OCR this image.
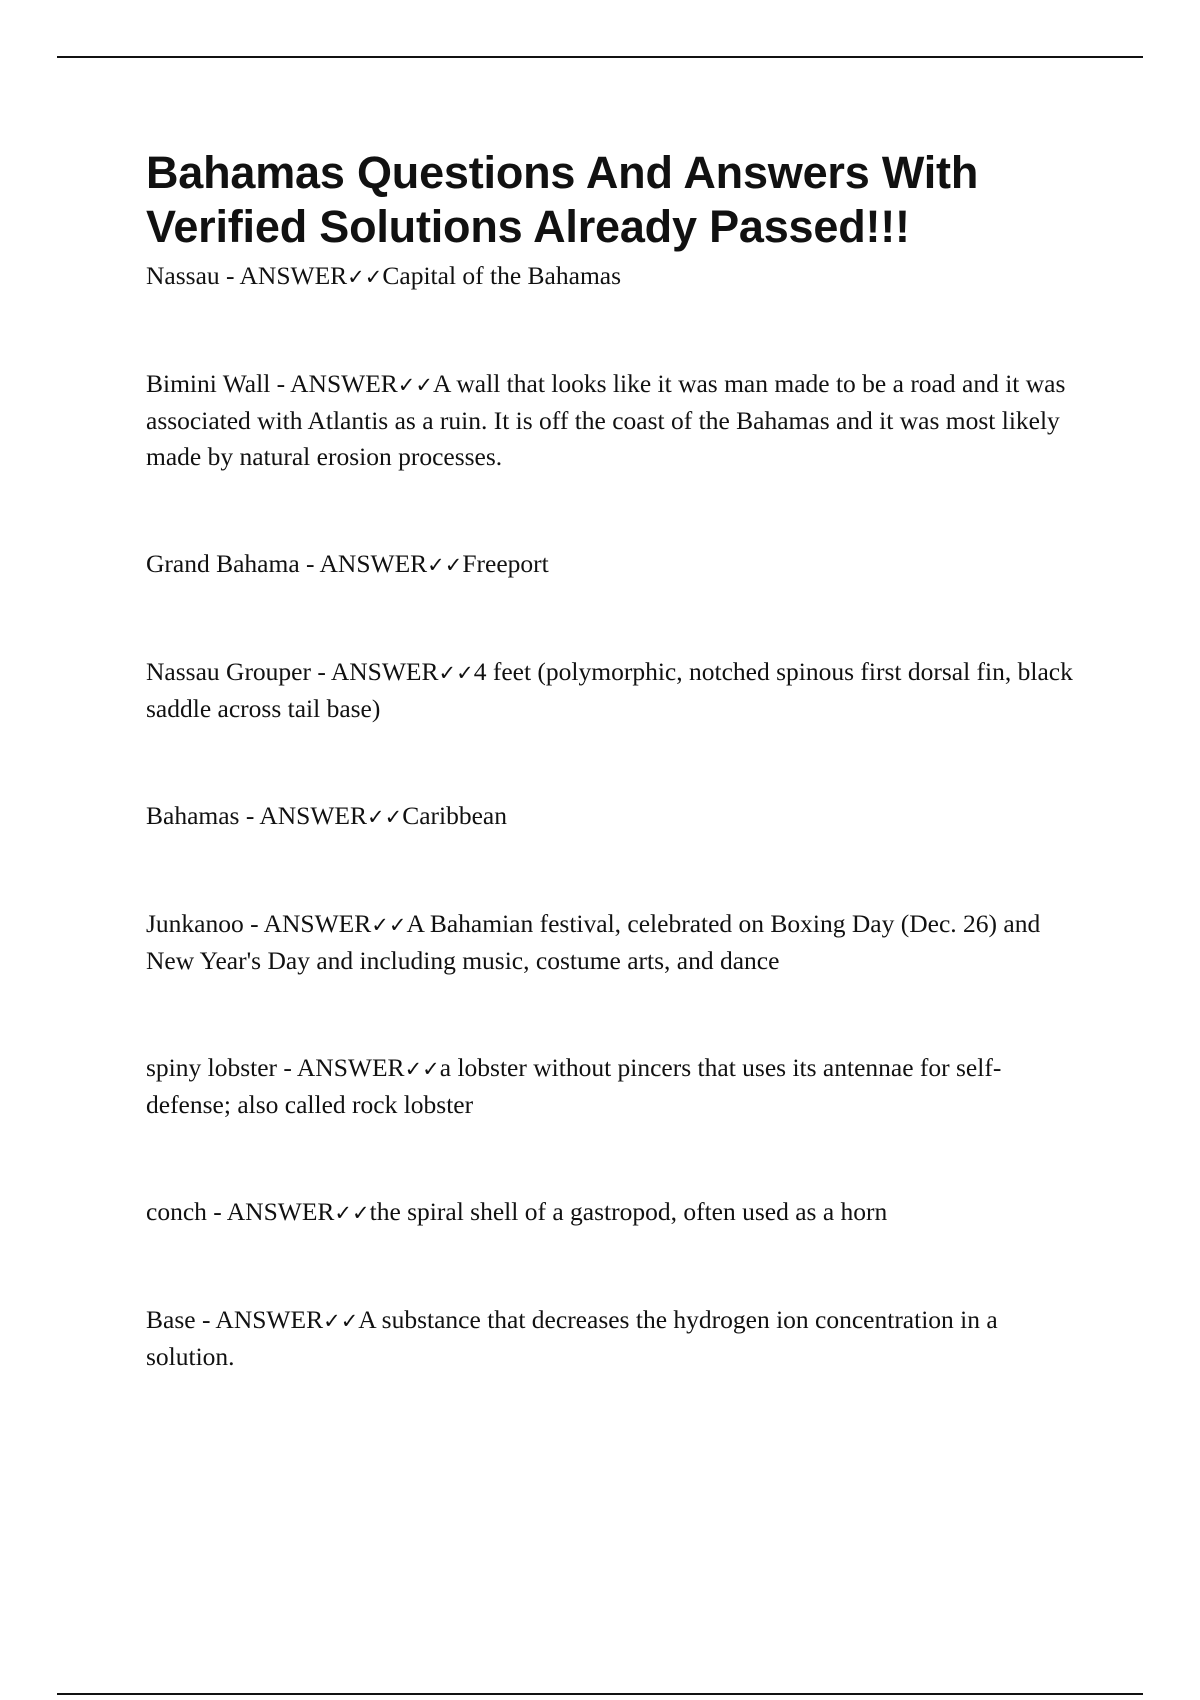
Bahamas Questions And Answers With Verified Solutions Already Passed!!!
Nassau - ANSWER✓✓Capital of the Bahamas
Bimini Wall - ANSWER✓✓A wall that looks like it was man made to be a road and it was associated with Atlantis as a ruin. It is off the coast of the Bahamas and it was most likely made by natural erosion processes.
Grand Bahama - ANSWER✓✓Freeport
Nassau Grouper - ANSWER✓✓4 feet (polymorphic, notched spinous first dorsal fin, black saddle across tail base)
Bahamas - ANSWER✓✓Caribbean
Junkanoo - ANSWER✓✓A Bahamian festival, celebrated on Boxing Day (Dec. 26) and New Year's Day and including music, costume arts, and dance
spiny lobster - ANSWER✓✓a lobster without pincers that uses its antennae for self-defense; also called rock lobster
conch - ANSWER✓✓the spiral shell of a gastropod, often used as a horn
Base - ANSWER✓✓A substance that decreases the hydrogen ion concentration in a solution.
